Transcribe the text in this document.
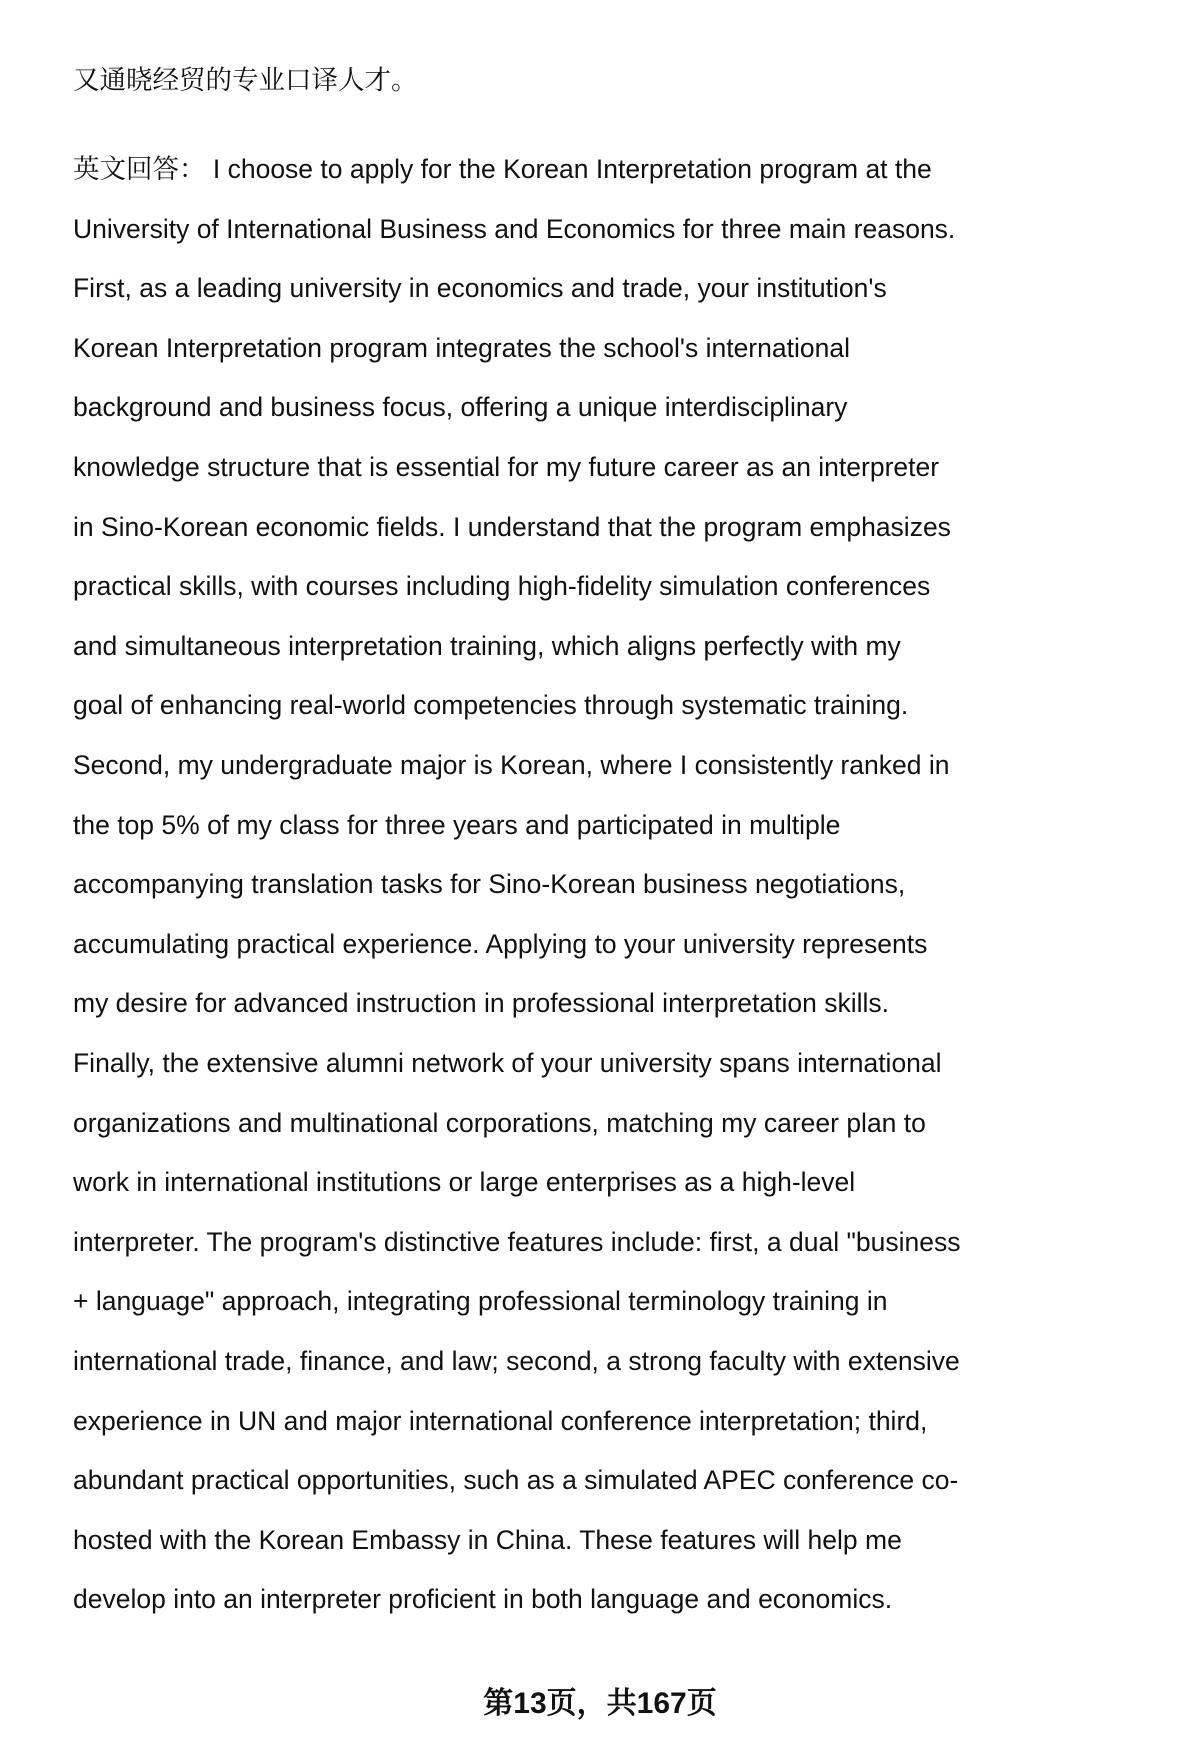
又通晓经贸的专业口译人才。
英文回答： I choose to apply for the Korean Interpretation program at the
University of International Business and Economics for three main reasons.
First, as a leading university in economics and trade, your institution's
Korean Interpretation program integrates the school's international
background and business focus, offering a unique interdisciplinary
knowledge structure that is essential for my future career as an interpreter
in Sino-Korean economic fields. I understand that the program emphasizes
practical skills, with courses including high-fidelity simulation conferences
and simultaneous interpretation training, which aligns perfectly with my
goal of enhancing real-world competencies through systematic training.
Second, my undergraduate major is Korean, where I consistently ranked in
the top 5% of my class for three years and participated in multiple
accompanying translation tasks for Sino-Korean business negotiations,
accumulating practical experience. Applying to your university represents
my desire for advanced instruction in professional interpretation skills.
Finally, the extensive alumni network of your university spans international
organizations and multinational corporations, matching my career plan to
work in international institutions or large enterprises as a high-level
interpreter. The program's distinctive features include: first, a dual "business
+ language" approach, integrating professional terminology training in
international trade, finance, and law; second, a strong faculty with extensive
experience in UN and major international conference interpretation; third,
abundant practical opportunities, such as a simulated APEC conference co-
hosted with the Korean Embassy in China. These features will help me
develop into an interpreter proficient in both language and economics.
第13页，共167页
